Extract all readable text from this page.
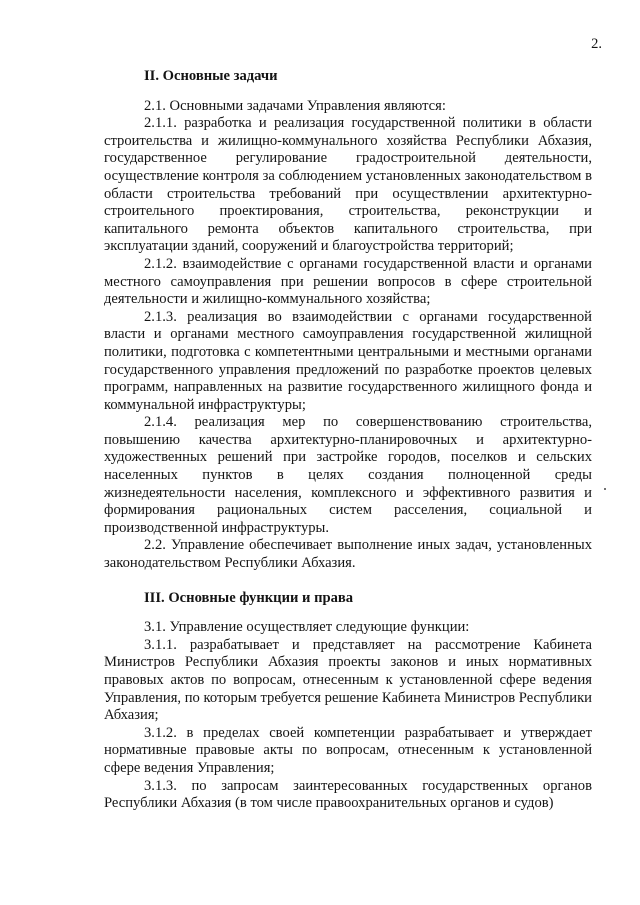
2.
II. Основные задачи

2.1. Основными задачами Управления являются:

2.1.1. разработка и реализация государственной политики в области строительства и жилищно-коммунального хозяйства Республики Абхазия, государственное регулирование градостроительной деятельности, осуществление контроля за соблюдением установленных законодательством в области строительства требований при осуществлении архитектурно-строительного проектирования, строительства, реконструкции и капитального ремонта объектов капитального строительства, при эксплуатации зданий, сооружений и благоустройства территорий;

2.1.2. взаимодействие с органами государственной власти и органами местного самоуправления при решении вопросов в сфере строительной деятельности и жилищно-коммунального хозяйства;

2.1.3. реализация во взаимодействии с органами государственной власти и органами местного самоуправления государственной жилищной политики, подготовка с компетентными центральными и местными органами государственного управления предложений по разработке проектов целевых программ, направленных на развитие государственного жилищного фонда и коммунальной инфраструктуры;

2.1.4. реализация мер по совершенствованию строительства, повышению качества архитектурно-планировочных и архитектурно-художественных решений при застройке городов, поселков и сельских населенных пунктов в целях создания полноценной среды жизнедеятельности населения, комплексного и эффективного развития и формирования рациональных систем расселения, социальной и производственной инфраструктуры.

2.2. Управление обеспечивает выполнение иных задач, установленных законодательством Республики Абхазия.

III. Основные функции и права

3.1. Управление осуществляет следующие функции:

3.1.1. разрабатывает и представляет на рассмотрение Кабинета Министров Республики Абхазия проекты законов и иных нормативных правовых актов по вопросам, отнесенным к установленной сфере ведения Управления, по которым требуется решение Кабинета Министров Республики Абхазия;

3.1.2. в пределах своей компетенции разрабатывает и утверждает нормативные правовые акты по вопросам, отнесенным к установленной сфере ведения Управления;

3.1.3. по запросам заинтересованных государственных органов Республики Абхазия (в том числе правоохранительных органов и судов)
